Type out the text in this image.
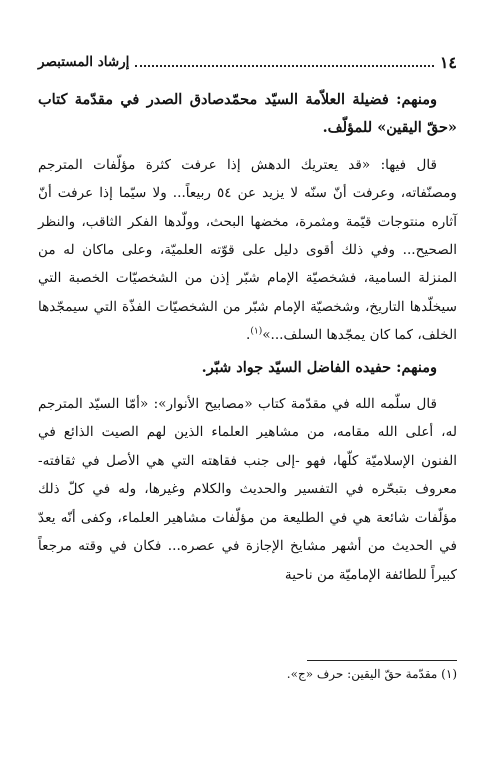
١٤
إرشاد المستبصر
ومنهم: فضيلة العلاّمة السيّد محمّدصادق الصدر في مقدّمة كتاب «حقّ اليقين» للمؤلّف.

قال فيها: «قد يعتريك الدهش إذا عرفت كثرة مؤلّفات المترجم ومصنّفاته، وعرفت أنّ سنّه لا يزيد عن ٥٤ ربيعاً... ولا سيّما إذا عرفت أنّ آثاره منتوجات قيّمة ومثمرة، مخضها البحث، وولّدها الفكر الثاقب، والنظر الصحيح... وفي ذلك أقوى دليل على قوّته العلميّة، وعلى ماكان له من المنزلة السامية، فشخصيّة الإمام شبّر إذن من الشخصيّات الخصبة التي سيخلّدها التاريخ، وشخصيّة الإمام شبّر من الشخصيّات الفذّة التي سيمجّدها الخلف، كما كان يمجّدها السلف...»$^{(١)}$.

ومنهم: حفيده الفاضل السيّد جواد شبّر.

قال سلّمه الله في مقدّمة كتاب «مصابيح الأنوار»: «أمّا السيّد المترجم له، أعلى الله مقامه، من مشاهير العلماء الذين لهم الصيت الذائع في الفنون الإسلاميّة كلّها، فهو -إلى جنب فقاهته التي هي الأصل في ثقافته- معروف بتبحّره في التفسير والحديث والكلام وغيرها، وله في كلّ ذلك مؤلّفات شائعة هي في الطليعة من مؤلّفات مشاهير العلماء، وكفى أنّه يعدّ في الحديث من أشهر مشايخ الإجازة في عصره... فكان في وقته مرجعاً كبيراً للطائفة الإماميّة من ناحية

(١) مقدّمة حقّ اليقين: حرف «ج».
